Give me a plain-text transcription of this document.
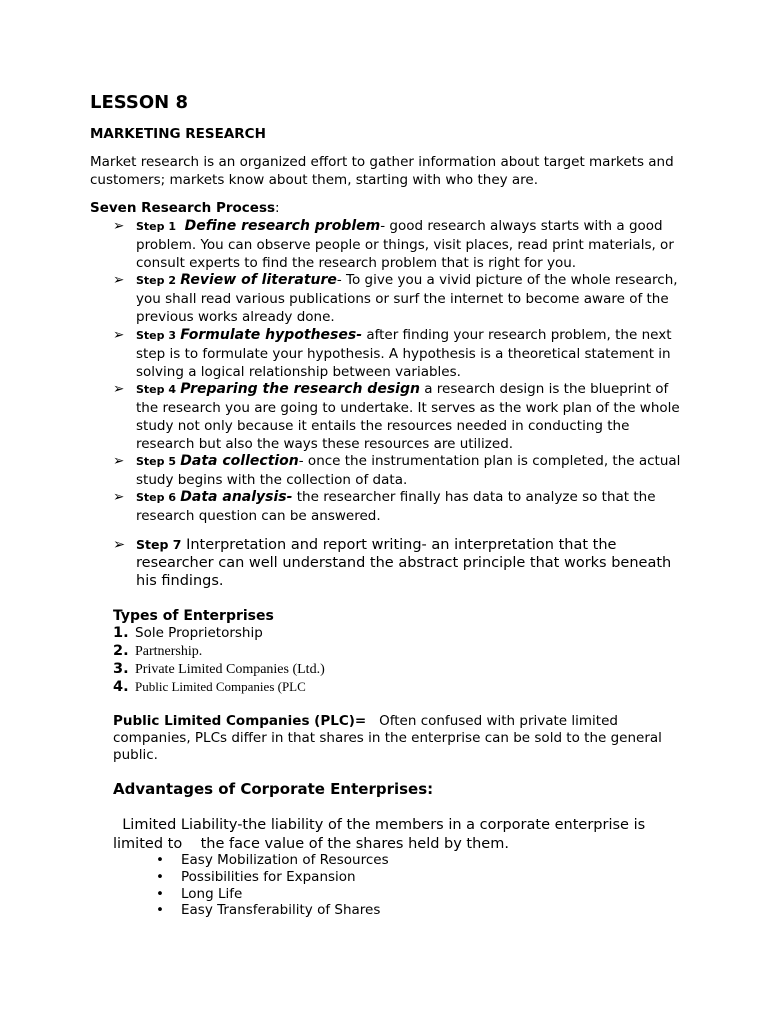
LESSON 8
MARKETING RESEARCH
Market research is an organized effort to gather information about target markets and customers; markets know about them, starting with who they are.
Seven Research Process:
➢ Step 1 Define research problem- good research always starts with a good problem. You can observe people or things, visit places, read print materials, or consult experts to find the research problem that is right for you.
➢ Step 2 Review of literature- To give you a vivid picture of the whole research, you shall read various publications or surf the internet to become aware of the previous works already done.
➢ Step 3 Formulate hypotheses- after finding your research problem, the next step is to formulate your hypothesis. A hypothesis is a theoretical statement in solving a logical relationship between variables.
➢ Step 4 Preparing the research design a research design is the blueprint of the research you are going to undertake. It serves as the work plan of the whole study not only because it entails the resources needed in conducting the research but also the ways these resources are utilized.
➢ Step 5 Data collection- once the instrumentation plan is completed, the actual study begins with the collection of data.
➢ Step 6 Data analysis- the researcher finally has data to analyze so that the research question can be answered.
➢ Step 7 Interpretation and report writing- an interpretation that the researcher can well understand the abstract principle that works beneath his findings.
Types of Enterprises
1. Sole Proprietorship
2. Partnership.
3. Private Limited Companies (Ltd.)
4. Public Limited Companies (PLC
Public Limited Companies (PLC)= Often confused with private limited companies, PLCs differ in that shares in the enterprise can be sold to the general public.
Advantages of Corporate Enterprises:
Limited Liability-the liability of the members in a corporate enterprise is limited to    the face value of the shares held by them.
• Easy Mobilization of Resources
• Possibilities for Expansion
• Long Life
• Easy Transferability of Shares
